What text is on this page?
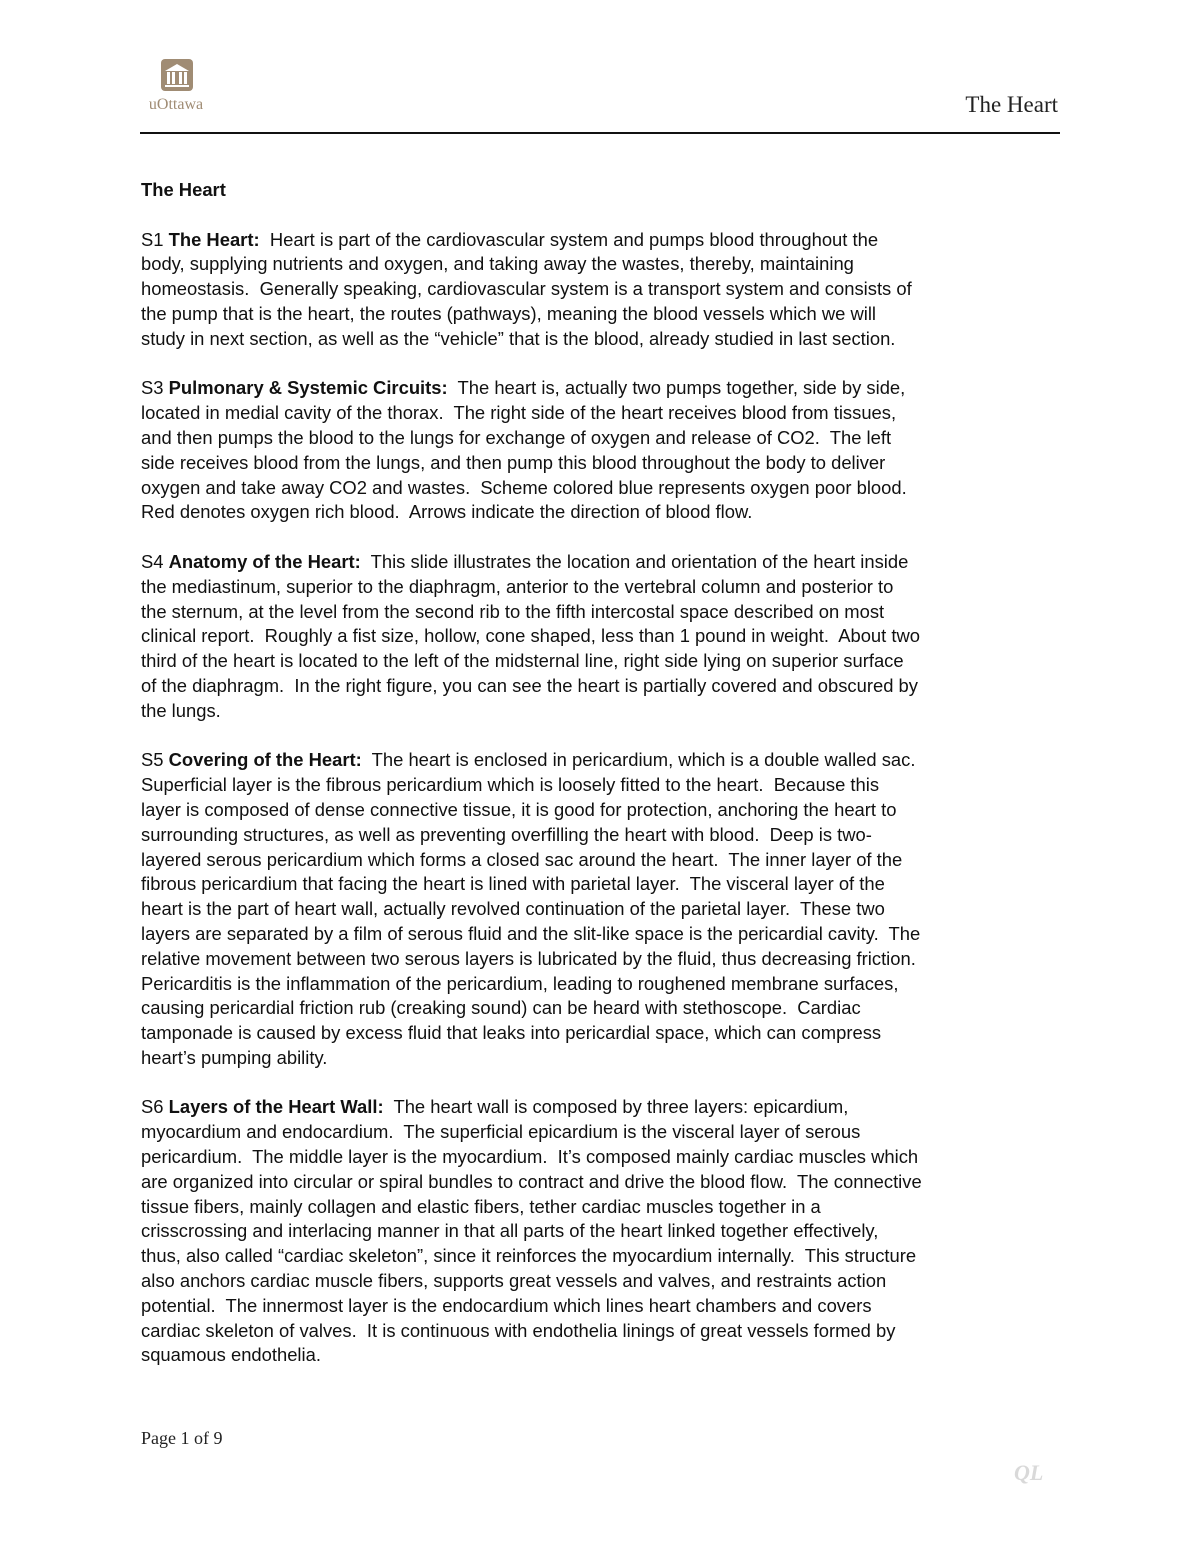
uOttawa	The Heart
The Heart
S1 The Heart: Heart is part of the cardiovascular system and pumps blood throughout the
body, supplying nutrients and oxygen, and taking away the wastes, thereby, maintaining
homeostasis.  Generally speaking, cardiovascular system is a transport system and consists of
the pump that is the heart, the routes (pathways), meaning the blood vessels which we will
study in next section, as well as the “vehicle” that is the blood, already studied in last section.
S3 Pulmonary & Systemic Circuits: The heart is, actually two pumps together, side by side,
located in medial cavity of the thorax.  The right side of the heart receives blood from tissues,
and then pumps the blood to the lungs for exchange of oxygen and release of CO2.  The left
side receives blood from the lungs, and then pump this blood throughout the body to deliver
oxygen and take away CO2 and wastes.  Scheme colored blue represents oxygen poor blood.
Red denotes oxygen rich blood.  Arrows indicate the direction of blood flow.
S4 Anatomy of the Heart: This slide illustrates the location and orientation of the heart inside
the mediastinum, superior to the diaphragm, anterior to the vertebral column and posterior to
the sternum, at the level from the second rib to the fifth intercostal space described on most
clinical report.  Roughly a fist size, hollow, cone shaped, less than 1 pound in weight.  About two
third of the heart is located to the left of the midsternal line, right side lying on superior surface
of the diaphragm.  In the right figure, you can see the heart is partially covered and obscured by
the lungs.
S5 Covering of the Heart: The heart is enclosed in pericardium, which is a double walled sac.
Superficial layer is the fibrous pericardium which is loosely fitted to the heart.  Because this
layer is composed of dense connective tissue, it is good for protection, anchoring the heart to
surrounding structures, as well as preventing overfilling the heart with blood.  Deep is two-
layered serous pericardium which forms a closed sac around the heart.  The inner layer of the
fibrous pericardium that facing the heart is lined with parietal layer.  The visceral layer of the
heart is the part of heart wall, actually revolved continuation of the parietal layer.  These two
layers are separated by a film of serous fluid and the slit-like space is the pericardial cavity.  The
relative movement between two serous layers is lubricated by the fluid, thus decreasing friction.
Pericarditis is the inflammation of the pericardium, leading to roughened membrane surfaces,
causing pericardial friction rub (creaking sound) can be heard with stethoscope.  Cardiac
tamponade is caused by excess fluid that leaks into pericardial space, which can compress
heart’s pumping ability.
S6 Layers of the Heart Wall: The heart wall is composed by three layers: epicardium,
myocardium and endocardium.  The superficial epicardium is the visceral layer of serous
pericardium.  The middle layer is the myocardium.  It’s composed mainly cardiac muscles which
are organized into circular or spiral bundles to contract and drive the blood flow.  The connective
tissue fibers, mainly collagen and elastic fibers, tether cardiac muscles together in a
crisscrossing and interlacing manner in that all parts of the heart linked together effectively,
thus, also called “cardiac skeleton”, since it reinforces the myocardium internally.  This structure
also anchors cardiac muscle fibers, supports great vessels and valves, and restraints action
potential.  The innermost layer is the endocardium which lines heart chambers and covers
cardiac skeleton of valves.  It is continuous with endothelia linings of great vessels formed by
squamous endothelia.
Page 1 of 9
QL
